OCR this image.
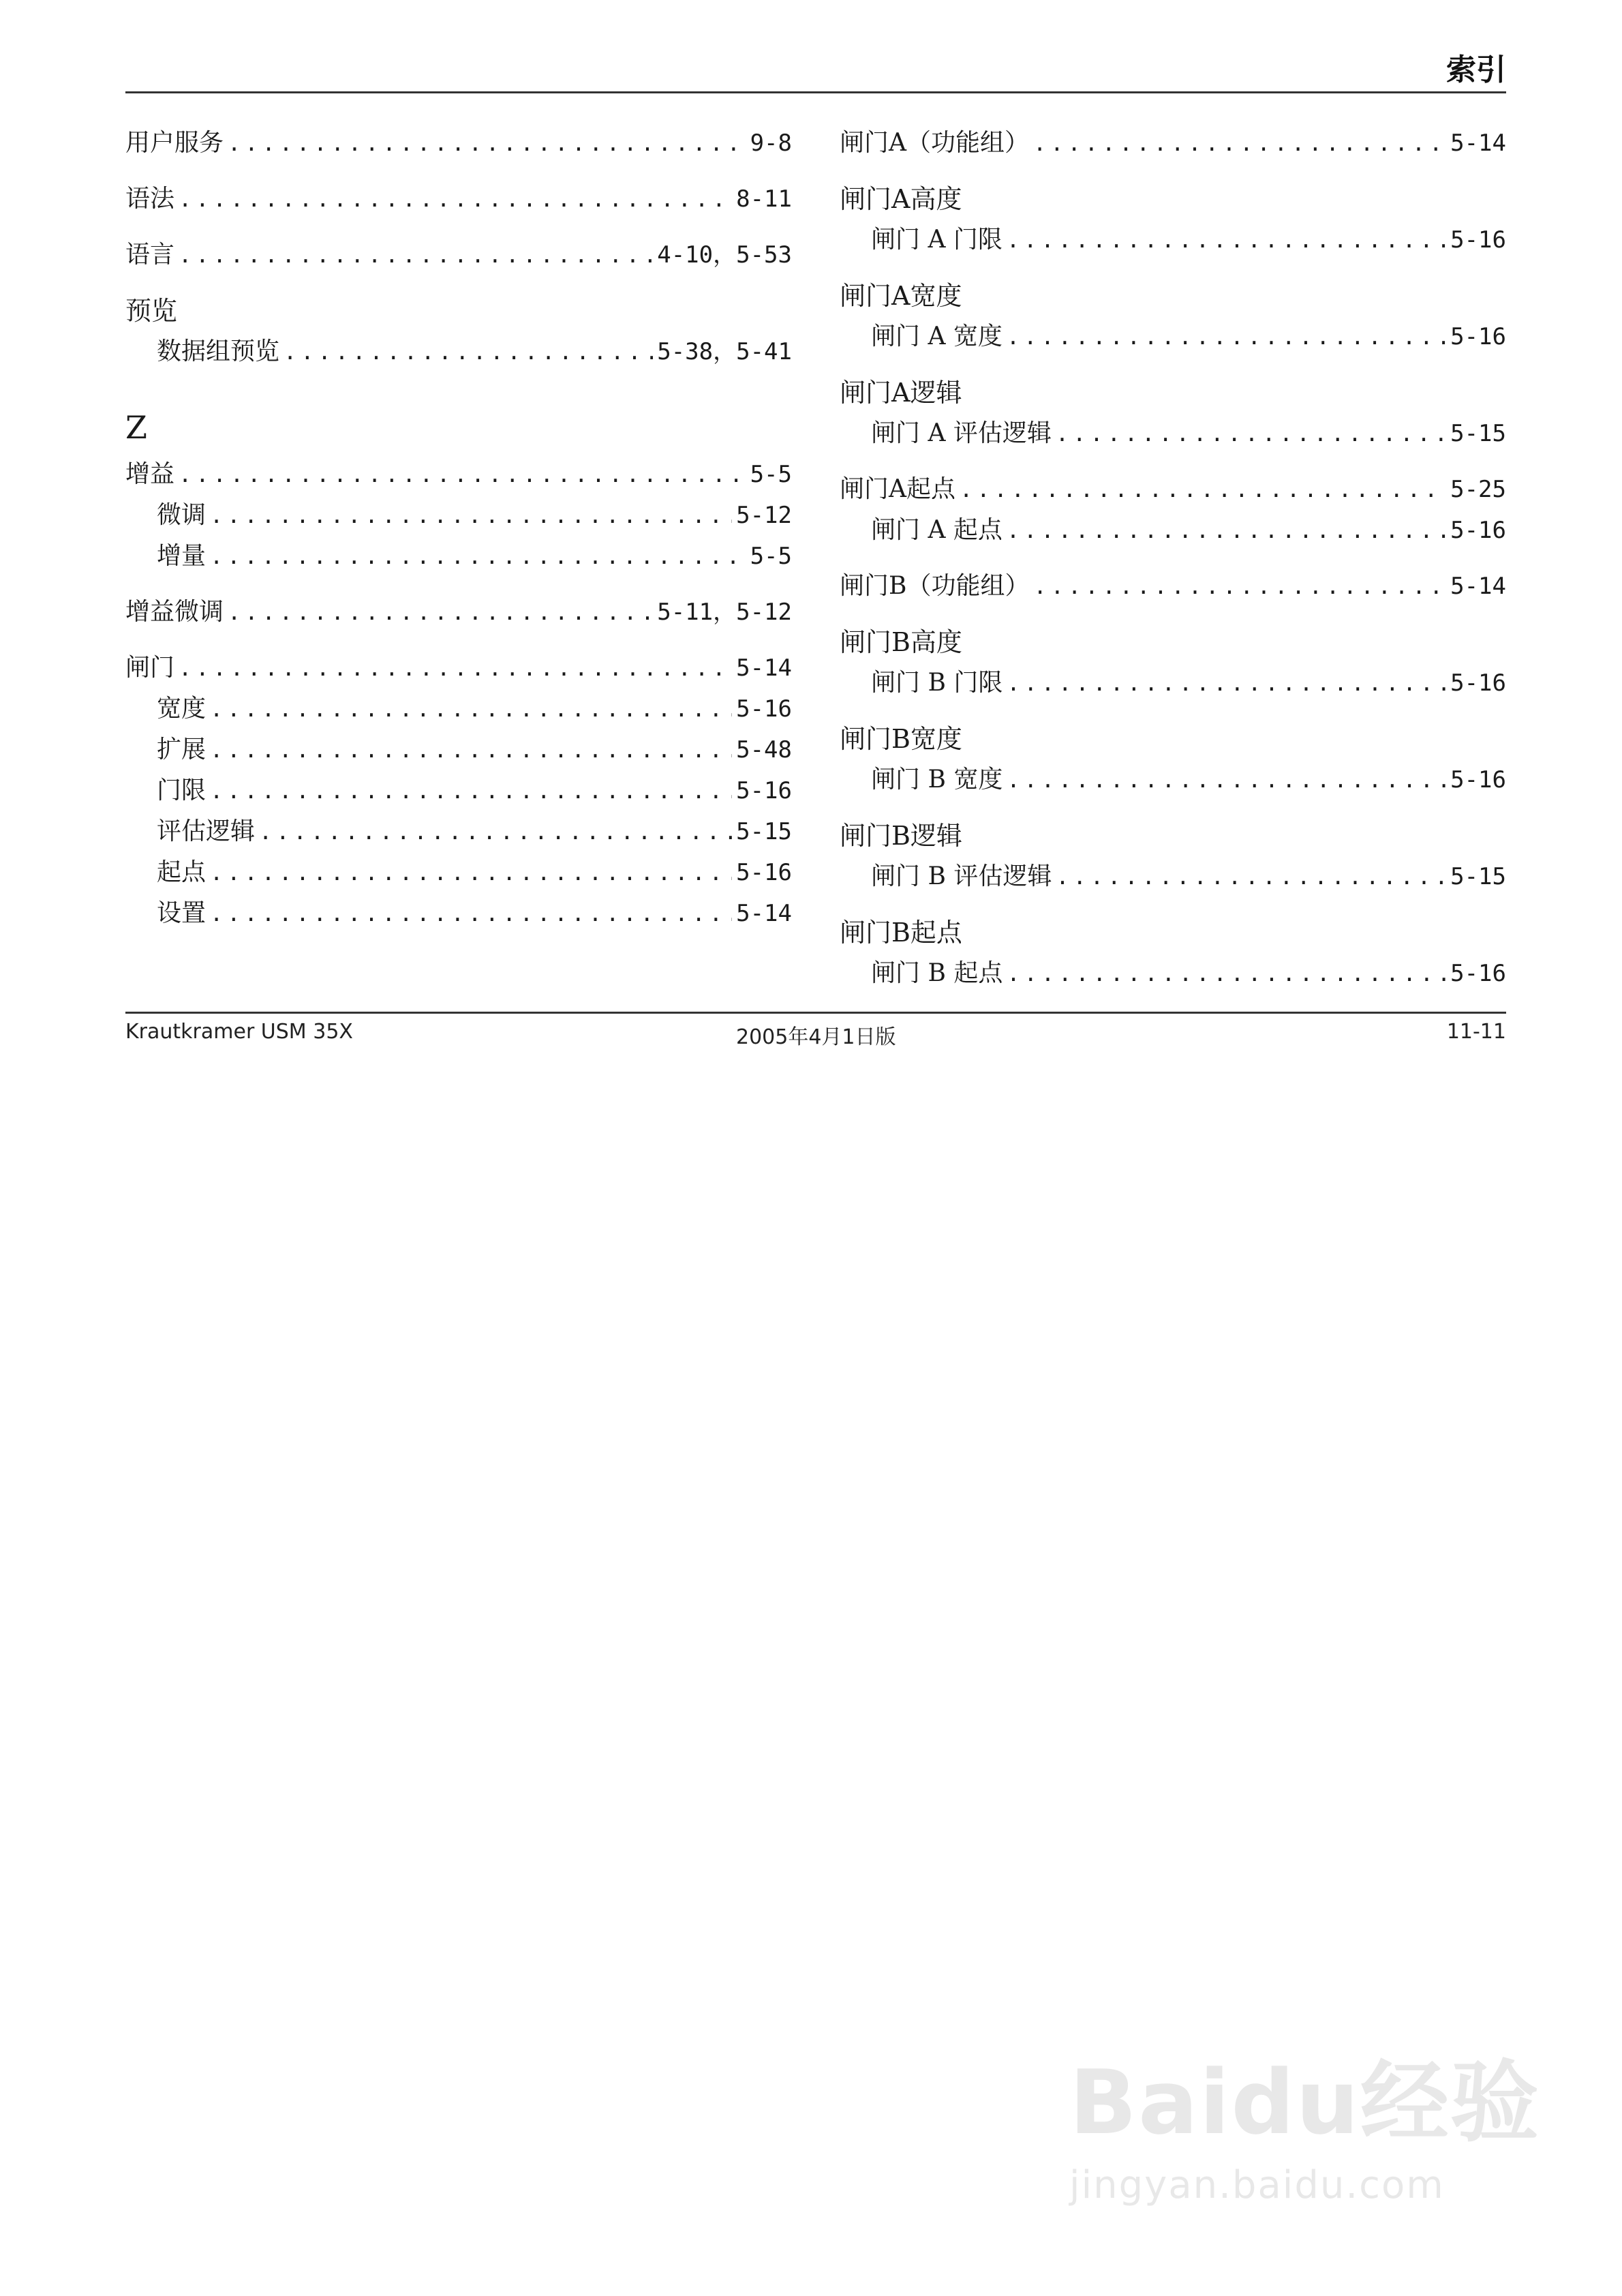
索引
用户服务 .....	9-8
语法 .....	8-11
语言 .....	4-10，5-53
预览
数据组预览 .....	5-38，5-41
Z
增益 .....	5-5
微调 .....	5-12
增量 .....	5-5
增益微调 .....	5-11，5-12
闸门 .....	5-14
宽度 .....	5-16
扩展 .....	5-48
门限 .....	5-16
评估逻辑 .....	5-15
起点 .....	5-16
设置 .....	5-14
闸门A（功能组） .....	5-14
闸门A高度
闸门 A 门限 .....	5-16
闸门A宽度
闸门 A 宽度 .....	5-16
闸门A逻辑
闸门 A 评估逻辑 .....	5-15
闸门A起点 .....	5-25
闸门 A 起点 .....	5-16
闸门B（功能组） .....	5-14
闸门B高度
闸门 B 门限 .....	5-16
闸门B宽度
闸门 B 宽度 .....	5-16
闸门B逻辑
闸门 B 评估逻辑 .....	5-15
闸门B起点
闸门 B 起点 .....	5-16
Krautkramer USM 35X	2005年4月1日版	11-11
Baidu经验
jingyan.baidu.com
